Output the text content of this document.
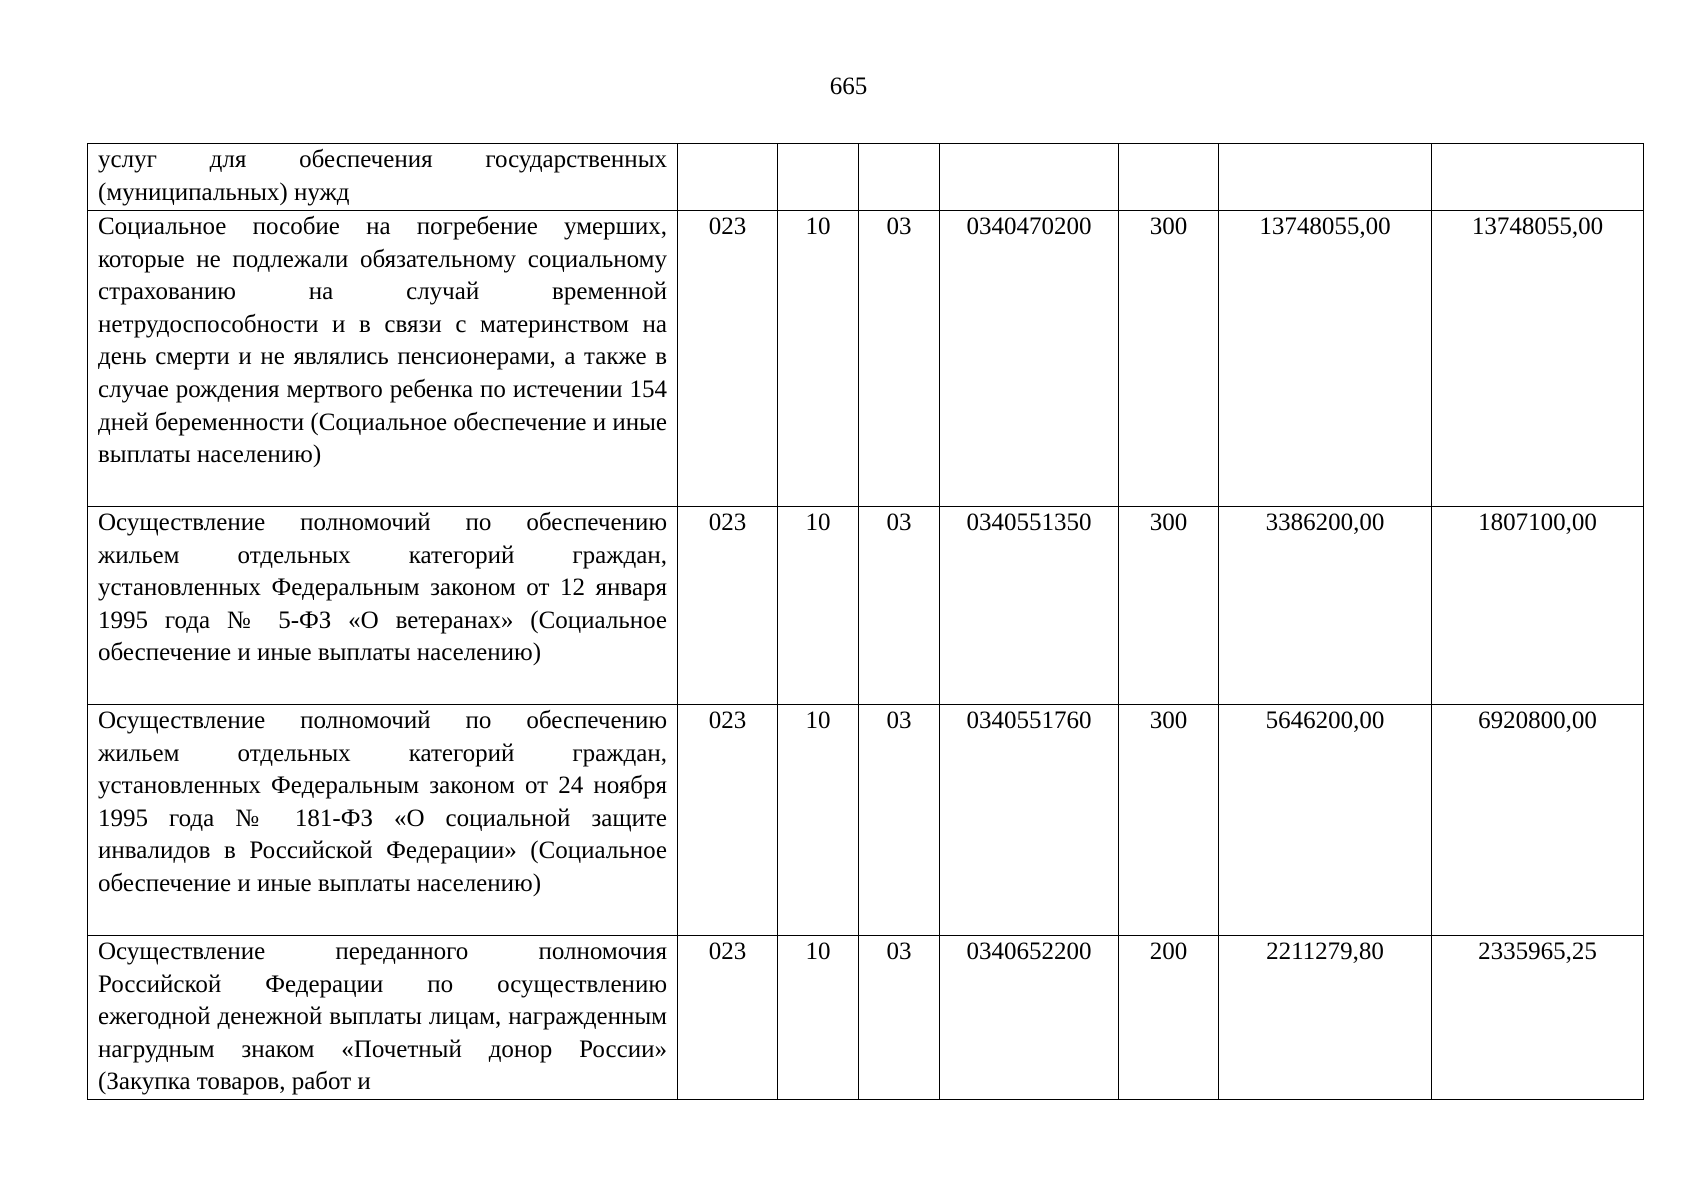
665
услуг для обеспечения государственных (муниципальных) нужд							
Социальное пособие на погребение умерших, которые не подлежали обязательному социальному страхованию на случай временной нетрудоспособности и в связи с материнством на день смерти и не являлись пенсионерами, а также в случае рождения мертвого ребенка по истечении 154 дней беременности (Социальное обеспечение и иные выплаты населению)	023	10	03	0340470200	300	13748055,00	13748055,00
Осуществление полномочий по обеспечению жильем отдельных категорий граждан, установленных Федеральным законом от 12 января 1995 года № 5-ФЗ «О ветеранах» (Социальное обеспечение и иные выплаты населению)	023	10	03	0340551350	300	3386200,00	1807100,00
Осуществление полномочий по обеспечению жильем отдельных категорий граждан, установленных Федеральным законом от 24 ноября 1995 года № 181-ФЗ «О социальной защите инвалидов в Российской Федерации» (Социальное обеспечение и иные выплаты населению)	023	10	03	0340551760	300	5646200,00	6920800,00
Осуществление переданного полномочия Российской Федерации по осуществлению ежегодной денежной выплаты лицам, награжденным нагрудным знаком «Почетный донор России» (Закупка товаров, работ и	023	10	03	0340652200	200	2211279,80	2335965,25
